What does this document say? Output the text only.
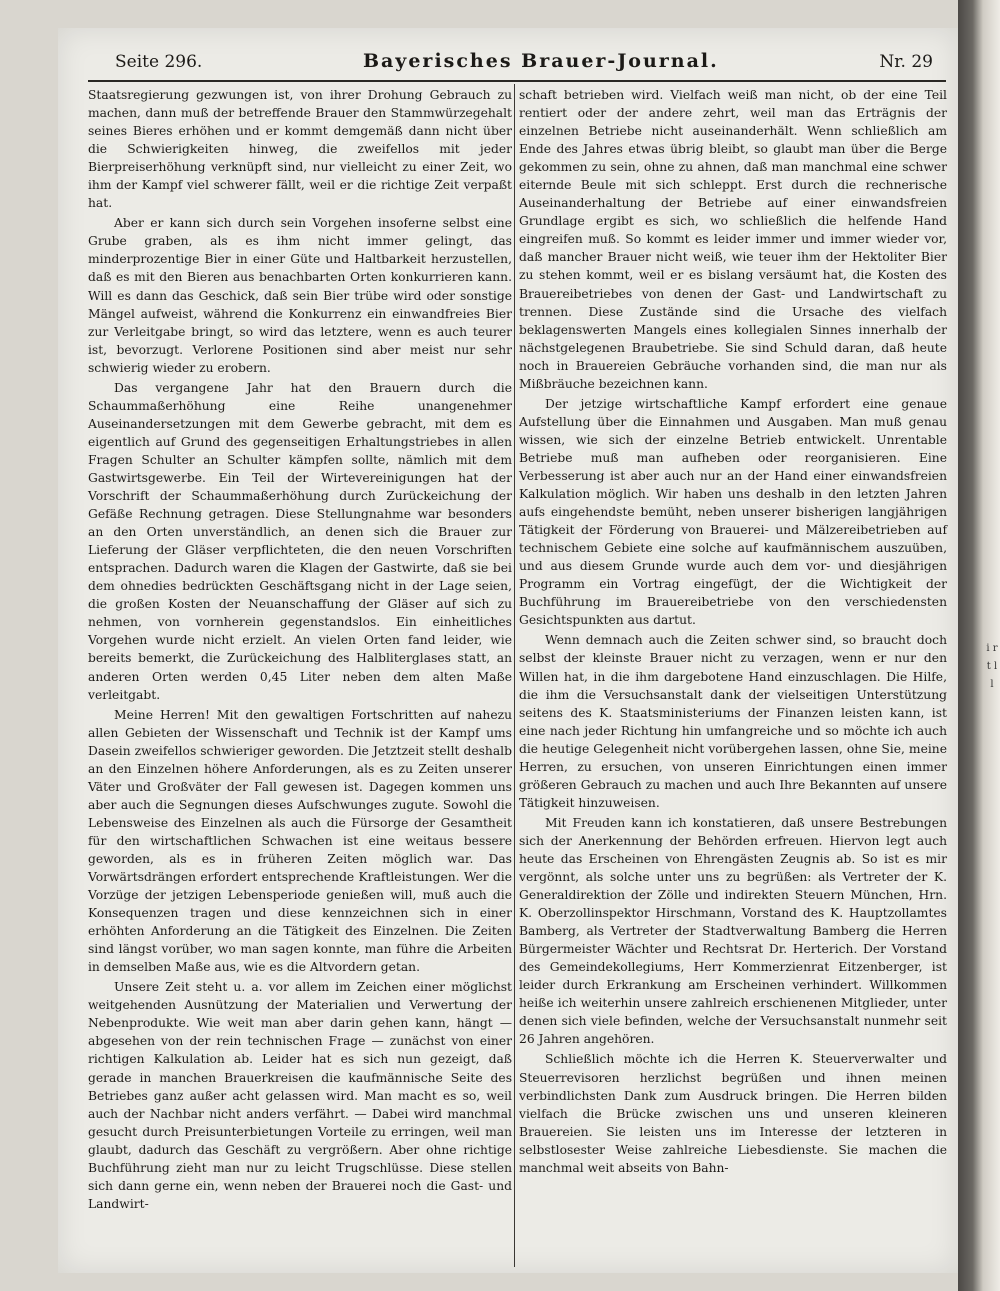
i r t l l
Seite 296.	Bayerisches Brauer-Journal.	Nr. 29

Staatsregierung gezwungen ist, von ihrer Drohung Gebrauch zu machen, dann muß der betreffende Brauer den Stammwürzegehalt seines Bieres erhöhen und er kommt demgemäß dann nicht über die Schwierigkeiten hinweg, die zweifellos mit jeder Bierpreiserhöhung verknüpft sind, nur vielleicht zu einer Zeit, wo ihm der Kampf viel schwerer fällt, weil er die richtige Zeit verpaßt hat.

Aber er kann sich durch sein Vorgehen insoferne selbst eine Grube graben, als es ihm nicht immer gelingt, das minderprozentige Bier in einer Güte und Haltbarkeit herzustellen, daß es mit den Bieren aus benachbarten Orten konkurrieren kann. Will es dann das Geschick, daß sein Bier trübe wird oder sonstige Mängel aufweist, während die Konkurrenz ein einwandfreies Bier zur Verleitgabe bringt, so wird das letztere, wenn es auch teurer ist, bevorzugt. Verlorene Positionen sind aber meist nur sehr schwierig wieder zu erobern.

Das vergangene Jahr hat den Brauern durch die Schaummaßerhöhung eine Reihe unangenehmer Auseinandersetzungen mit dem Gewerbe gebracht, mit dem es eigentlich auf Grund des gegenseitigen Erhaltungstriebes in allen Fragen Schulter an Schulter kämpfen sollte, nämlich mit dem Gastwirtsgewerbe. Ein Teil der Wirtevereinigungen hat der Vorschrift der Schaummaßerhöhung durch Zurückeichung der Gefäße Rechnung getragen. Diese Stellungnahme war besonders an den Orten unverständlich, an denen sich die Brauer zur Lieferung der Gläser verpflichteten, die den neuen Vorschriften entsprachen. Dadurch waren die Klagen der Gastwirte, daß sie bei dem ohnedies bedrückten Geschäftsgang nicht in der Lage seien, die großen Kosten der Neuanschaffung der Gläser auf sich zu nehmen, von vornherein gegenstandslos. Ein einheitliches Vorgehen wurde nicht erzielt. An vielen Orten fand leider, wie bereits bemerkt, die Zurückeichung des Halbliterglases statt, an anderen Orten werden 0,45 Liter neben dem alten Maße verleitgabt.

Meine Herren! Mit den gewaltigen Fortschritten auf nahezu allen Gebieten der Wissenschaft und Technik ist der Kampf ums Dasein zweifellos schwieriger geworden. Die Jetztzeit stellt deshalb an den Einzelnen höhere Anforderungen, als es zu Zeiten unserer Väter und Großväter der Fall gewesen ist. Dagegen kommen uns aber auch die Segnungen dieses Aufschwunges zugute. Sowohl die Lebensweise des Einzelnen als auch die Fürsorge der Gesamtheit für den wirtschaftlichen Schwachen ist eine weitaus bessere geworden, als es in früheren Zeiten möglich war. Das Vorwärtsdrängen erfordert entsprechende Kraftleistungen. Wer die Vorzüge der jetzigen Lebensperiode genießen will, muß auch die Konsequenzen tragen und diese kennzeichnen sich in einer erhöhten Anforderung an die Tätigkeit des Einzelnen. Die Zeiten sind längst vorüber, wo man sagen konnte, man führe die Arbeiten in demselben Maße aus, wie es die Altvordern getan.

Unsere Zeit steht u. a. vor allem im Zeichen einer möglichst weitgehenden Ausnützung der Materialien und Verwertung der Nebenprodukte. Wie weit man aber darin gehen kann, hängt — abgesehen von der rein technischen Frage — zunächst von einer richtigen Kalkulation ab. Leider hat es sich nun gezeigt, daß gerade in manchen Brauerkreisen die kaufmännische Seite des Betriebes ganz außer acht gelassen wird. Man macht es so, weil auch der Nachbar nicht anders verfährt. — Dabei wird manchmal gesucht durch Preisunterbietungen Vorteile zu erringen, weil man glaubt, dadurch das Geschäft zu vergrößern. Aber ohne richtige Buchführung zieht man nur zu leicht Trugschlüsse. Diese stellen sich dann gerne ein, wenn neben der Brauerei noch die Gast- und Landwirt-

schaft betrieben wird. Vielfach weiß man nicht, ob der eine Teil rentiert oder der andere zehrt, weil man das Erträgnis der einzelnen Betriebe nicht auseinanderhält. Wenn schließlich am Ende des Jahres etwas übrig bleibt, so glaubt man über die Berge gekommen zu sein, ohne zu ahnen, daß man manchmal eine schwer eiternde Beule mit sich schleppt. Erst durch die rechnerische Auseinanderhaltung der Betriebe auf einer einwandsfreien Grundlage ergibt es sich, wo schließlich die helfende Hand eingreifen muß. So kommt es leider immer und immer wieder vor, daß mancher Brauer nicht weiß, wie teuer ihm der Hektoliter Bier zu stehen kommt, weil er es bislang versäumt hat, die Kosten des Brauereibetriebes von denen der Gast- und Landwirtschaft zu trennen. Diese Zustände sind die Ursache des vielfach beklagenswerten Mangels eines kollegialen Sinnes innerhalb der nächstgelegenen Braubetriebe. Sie sind Schuld daran, daß heute noch in Brauereien Gebräuche vorhanden sind, die man nur als Mißbräuche bezeichnen kann.

Der jetzige wirtschaftliche Kampf erfordert eine genaue Aufstellung über die Einnahmen und Ausgaben. Man muß genau wissen, wie sich der einzelne Betrieb entwickelt. Unrentable Betriebe muß man aufheben oder reorganisieren. Eine Verbesserung ist aber auch nur an der Hand einer einwandsfreien Kalkulation möglich. Wir haben uns deshalb in den letzten Jahren aufs eingehendste bemüht, neben unserer bisherigen langjährigen Tätigkeit der Förderung von Brauerei- und Mälzereibetrieben auf technischem Gebiete eine solche auf kaufmännischem auszuüben, und aus diesem Grunde wurde auch dem vor- und diesjährigen Programm ein Vortrag eingefügt, der die Wichtigkeit der Buchführung im Brauereibetriebe von den verschiedensten Gesichtspunkten aus dartut.

Wenn demnach auch die Zeiten schwer sind, so braucht doch selbst der kleinste Brauer nicht zu verzagen, wenn er nur den Willen hat, in die ihm dargebotene Hand einzuschlagen. Die Hilfe, die ihm die Versuchsanstalt dank der vielseitigen Unterstützung seitens des K. Staatsministeriums der Finanzen leisten kann, ist eine nach jeder Richtung hin umfangreiche und so möchte ich auch die heutige Gelegenheit nicht vorübergehen lassen, ohne Sie, meine Herren, zu ersuchen, von unseren Einrichtungen einen immer größeren Gebrauch zu machen und auch Ihre Bekannten auf unsere Tätigkeit hinzuweisen.

Mit Freuden kann ich konstatieren, daß unsere Bestrebungen sich der Anerkennung der Behörden erfreuen. Hiervon legt auch heute das Erscheinen von Ehrengästen Zeugnis ab. So ist es mir vergönnt, als solche unter uns zu begrüßen: als Vertreter der K. Generaldirektion der Zölle und indirekten Steuern München, Hrn. K. Oberzollinspektor Hirschmann, Vorstand des K. Hauptzollamtes Bamberg, als Vertreter der Stadtverwaltung Bamberg die Herren Bürgermeister Wächter und Rechtsrat Dr. Herterich. Der Vorstand des Gemeindekollegiums, Herr Kommerzienrat Eitzenberger, ist leider durch Erkrankung am Erscheinen verhindert. Willkommen heiße ich weiterhin unsere zahlreich erschienenen Mitglieder, unter denen sich viele befinden, welche der Versuchsanstalt nunmehr seit 26 Jahren angehören.

Schließlich möchte ich die Herren K. Steuerverwalter und Steuerrevisoren herzlichst begrüßen und ihnen meinen verbindlichsten Dank zum Ausdruck bringen. Die Herren bilden vielfach die Brücke zwischen uns und unseren kleineren Brauereien. Sie leisten uns im Interesse der letzteren in selbstlosester Weise zahlreiche Liebesdienste. Sie machen die manchmal weit abseits von Bahn-
